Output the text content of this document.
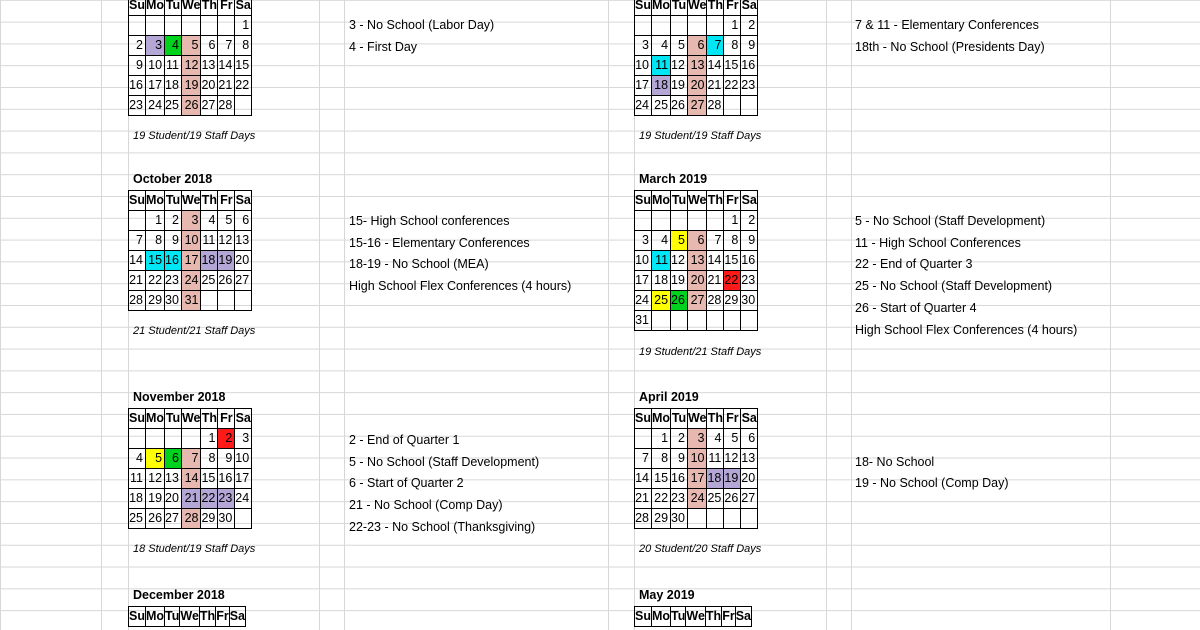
Su	Mo	Tu	We	Th	Fr	Sa
						1
2	3	4	5	6	7	8
9	10	11	12	13	14	15
16	17	18	19	20	21	22
23	24	25	26	27	28	
19 Student/19 Staff Days
3 - No School (Labor Day)
4 - First Day
Su	Mo	Tu	We	Th	Fr	Sa
					1	2
3	4	5	6	7	8	9
10	11	12	13	14	15	16
17	18	19	20	21	22	23
24	25	26	27	28		
19 Student/19 Staff Days
7 & 11 - Elementary Conferences
18th - No School (Presidents Day)
October 2018
Su	Mo	Tu	We	Th	Fr	Sa
	1	2	3	4	5	6
7	8	9	10	11	12	13
14	15	16	17	18	19	20
21	22	23	24	25	26	27
28	29	30	31			
21 Student/21 Staff Days
15- High School conferences
15-16 - Elementary Conferences
18-19 - No School (MEA)
High School Flex Conferences (4 hours)
March 2019
Su	Mo	Tu	We	Th	Fr	Sa
					1	2
3	4	5	6	7	8	9
10	11	12	13	14	15	16
17	18	19	20	21	22	23
24	25	26	27	28	29	30
31						
19 Student/21 Staff Days
5 - No School (Staff Development)
11 - High School Conferences
22 - End of Quarter 3
25 - No School (Staff Development)
26 - Start of Quarter 4
High School Flex Conferences (4 hours)
November 2018
Su	Mo	Tu	We	Th	Fr	Sa
				1	2	3
4	5	6	7	8	9	10
11	12	13	14	15	16	17
18	19	20	21	22	23	24
25	26	27	28	29	30	
18 Student/19 Staff Days
2 - End of Quarter 1
5 - No School (Staff Development)
6 - Start of Quarter 2
21 - No School (Comp Day)
22-23 - No School (Thanksgiving)
April 2019
Su	Mo	Tu	We	Th	Fr	Sa
	1	2	3	4	5	6
7	8	9	10	11	12	13
14	15	16	17	18	19	20
21	22	23	24	25	26	27
28	29	30				
20 Student/20 Staff Days
18- No School
19 - No School (Comp Day)
December 2018
Su	Mo	Tu	We	Th	Fr	Sa
May 2019
Su	Mo	Tu	We	Th	Fr	Sa
